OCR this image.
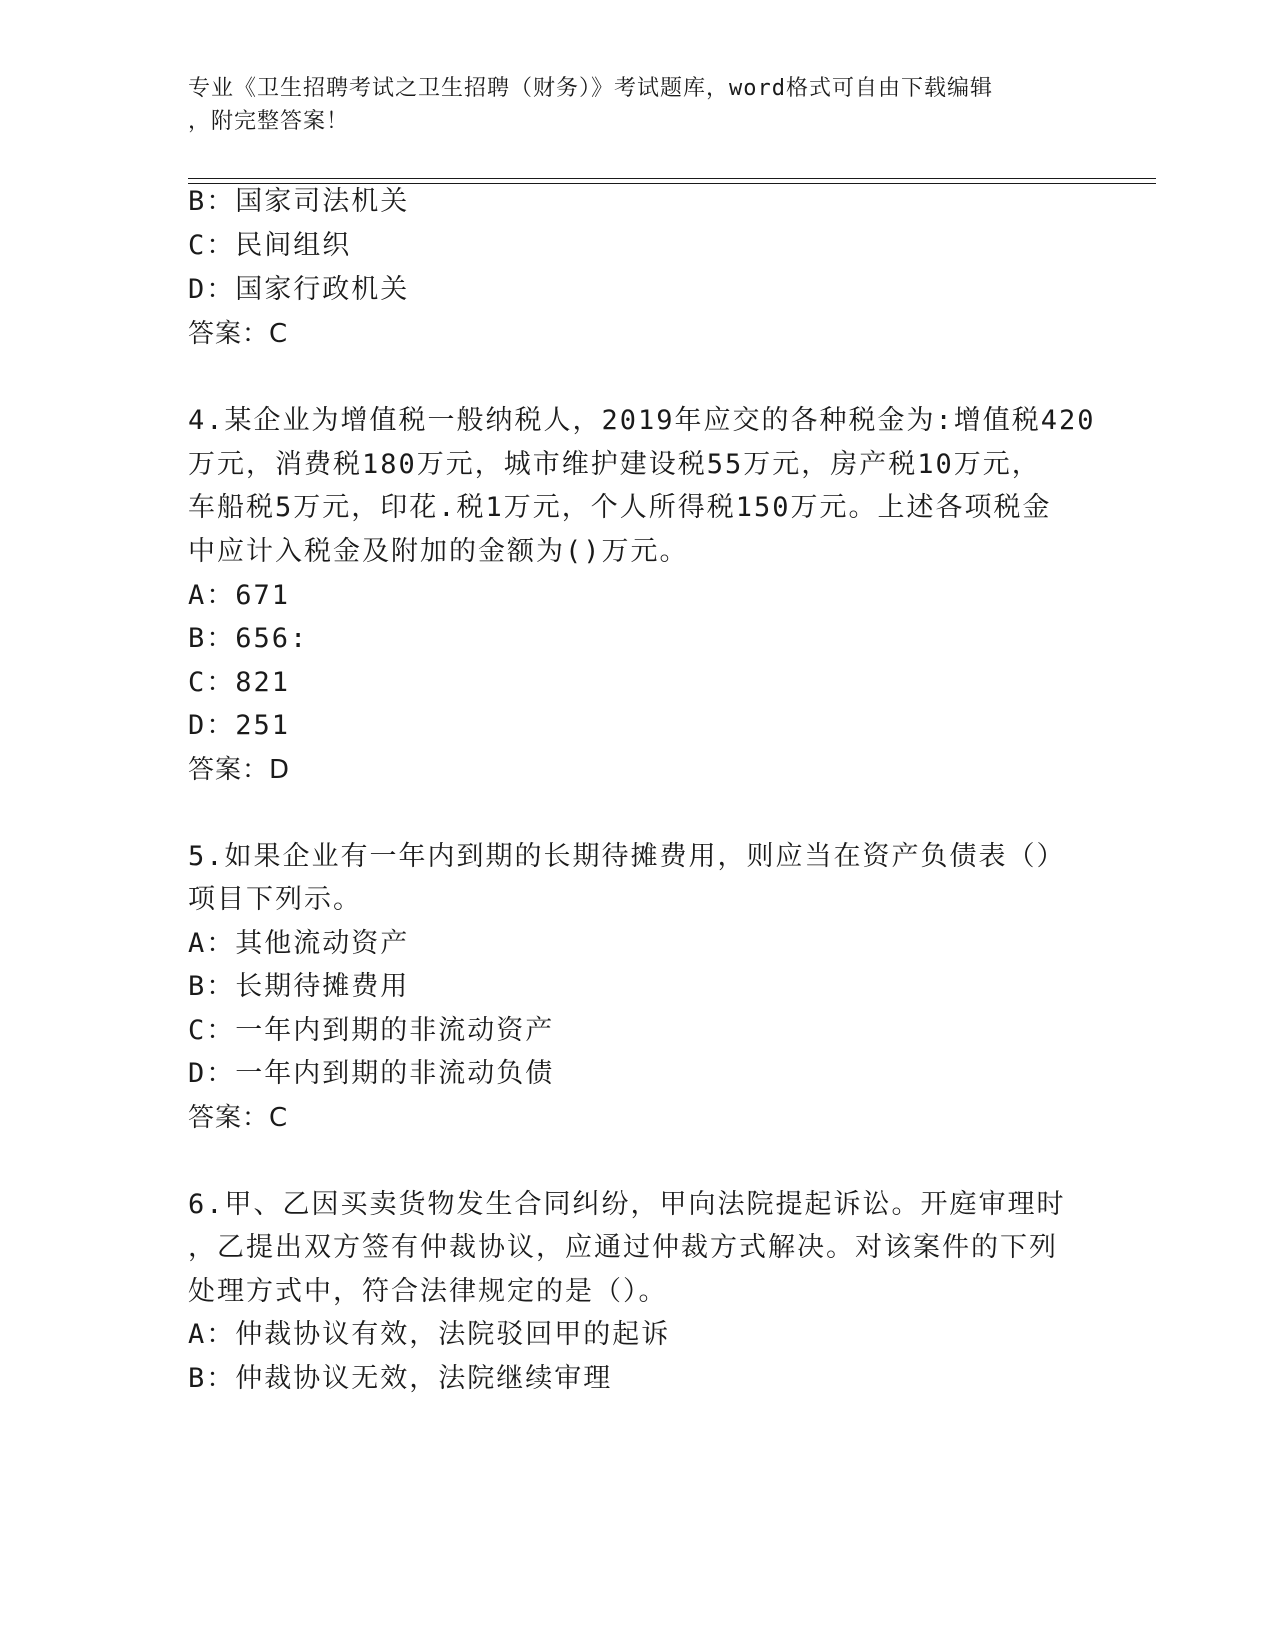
专业《卫生招聘考试之卫生招聘（财务）》考试题库，word格式可自由下载编辑
，附完整答案！
B：国家司法机关
C：民间组织
D：国家行政机关
答案：C
4.某企业为增值税一般纳税人，2019年应交的各种税金为:增值税420
万元，消费税180万元，城市维护建设税55万元，房产税10万元，
车船税5万元，印花.税1万元，个人所得税150万元。上述各项税金
中应计入税金及附加的金额为()万元。
A：671
B：656:
C：821
D：251
答案：D
5.如果企业有一年内到期的长期待摊费用，则应当在资产负债表（）
项目下列示。
A：其他流动资产
B：长期待摊费用
C：一年内到期的非流动资产
D：一年内到期的非流动负债
答案：C
6.甲、乙因买卖货物发生合同纠纷，甲向法院提起诉讼。开庭审理时
，乙提出双方签有仲裁协议，应通过仲裁方式解决。对该案件的下列
处理方式中，符合法律规定的是（）。
A：仲裁协议有效，法院驳回甲的起诉
B：仲裁协议无效，法院继续审理
